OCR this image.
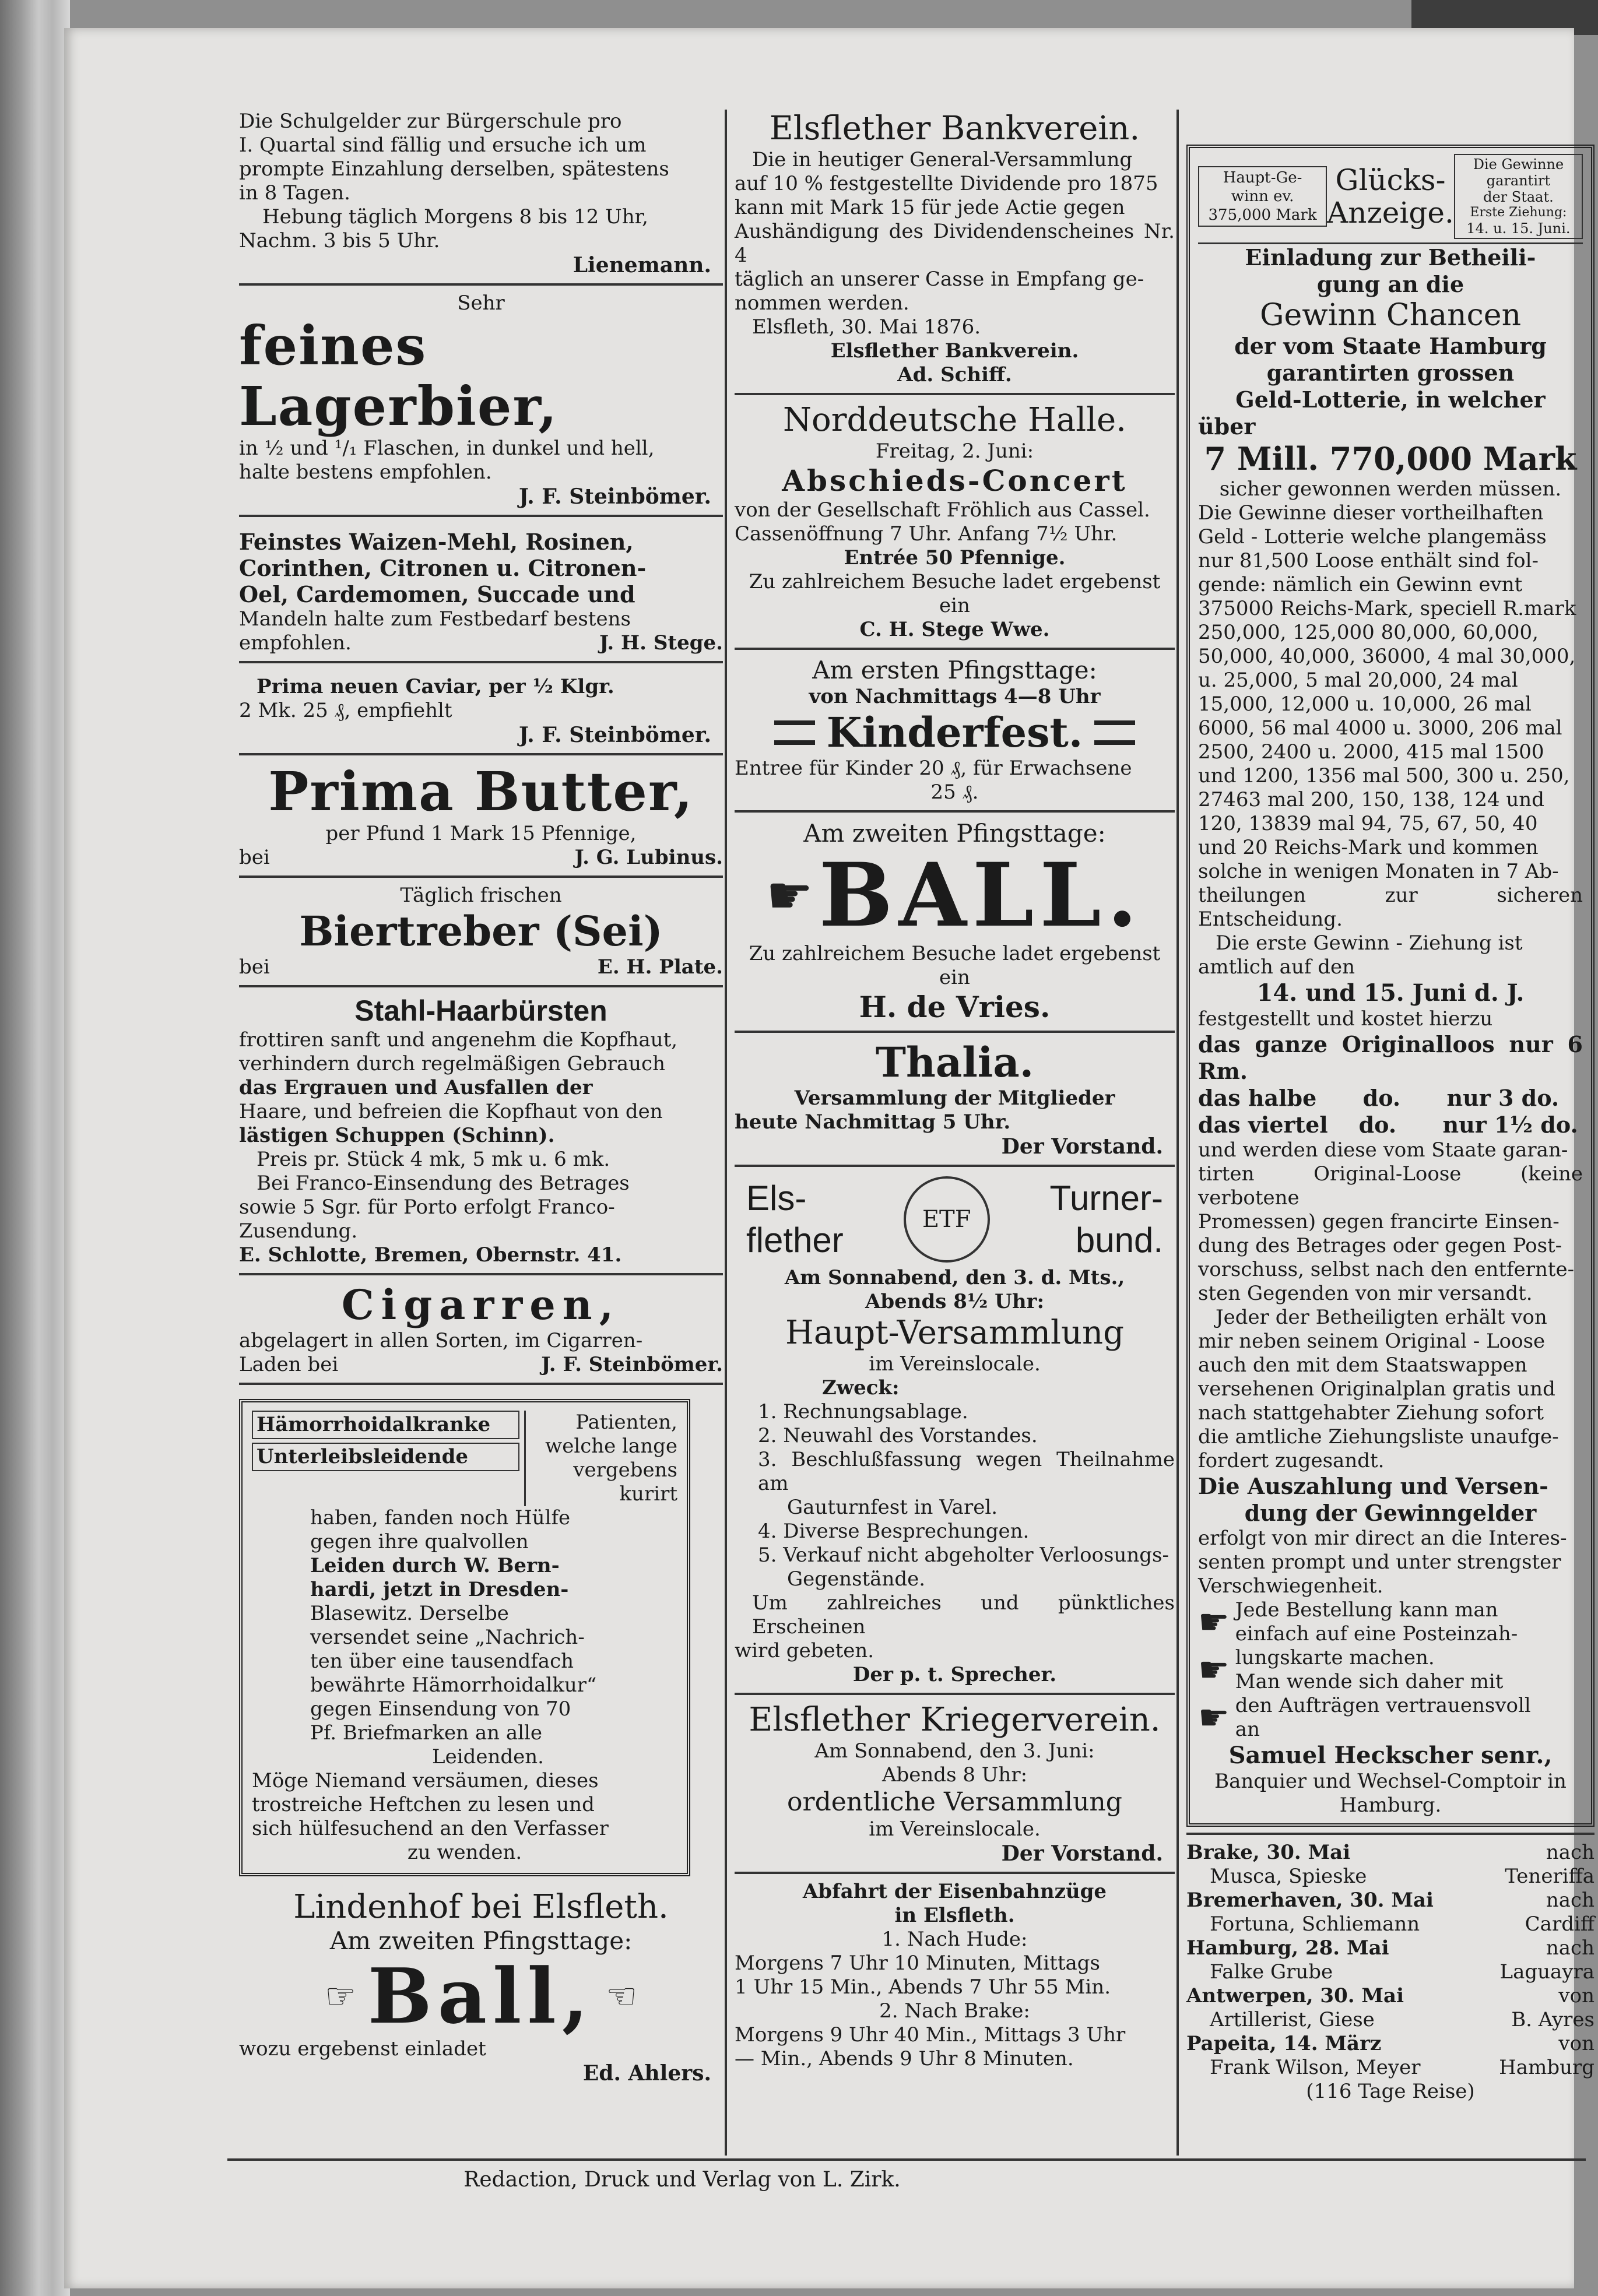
Die Schulgelder zur Bürgerschule pro

I. Quartal sind fällig und ersuche ich um

prompte Einzahlung derselben, spätestens

in 8 Tagen.

Hebung täglich Morgens 8 bis 12 Uhr,

Nachm. 3 bis 5 Uhr.

Lienemann.

Sehr

feines Lagerbier,

in ½ und ¹/₁ Flaschen, in dunkel und hell,

halte bestens empfohlen.

J. F. Steinbömer.

Feinstes Waizen-Mehl, Rosinen,

Corinthen, Citronen u. Citronen-

Oel, Cardemomen, Succade und

Mandeln halte zum Festbedarf bestens

empfohlen.	J. H. Stege.

Prima neuen Caviar, per ½ Klgr.

2 Mk. 25 ₰, empfiehlt

J. F. Steinbömer.

Prima Butter,

per Pfund 1 Mark 15 Pfennige,

bei	J. G. Lubinus.

Täglich frischen

Biertreber (Sei)

bei	E. H. Plate.

Stahl-Haarbürsten

frottiren sanft und angenehm die Kopfhaut,

verhindern durch regelmäßigen Gebrauch

das Ergrauen und Ausfallen der

Haare, und befreien die Kopfhaut von den

lästigen Schuppen (Schinn).

Preis pr. Stück 4 mk, 5 mk u. 6 mk.

Bei Franco-Einsendung des Betrages

sowie 5 Sgr. für Porto erfolgt Franco-

Zusendung.

E. Schlotte, Bremen, Obernstr. 41.

Cigarren,

abgelagert in allen Sorten, im Cigarren-

Laden bei	J. F. Steinbömer.

Hämorrhoidalkranke

Unterleibsleidende

Patienten,

welche lange

vergebens kurirt

haben, fanden noch Hülfe

gegen ihre qualvollen

Leiden durch W. Bern-

hardi, jetzt in Dresden-

Blasewitz. Derselbe

versendet seine „Nachrich-

ten über eine tausendfach

bewährte Hämorrhoidalkur“

gegen Einsendung von 70

Pf. Briefmarken an alle

Leidenden.

Möge Niemand versäumen, dieses

trostreiche Heftchen zu lesen und

sich hülfesuchend an den Verfasser

zu wenden.

Lindenhof bei Elsfleth.

Am zweiten Pfingsttage:

☞ Ball, ☜

wozu ergebenst einladet

Ed. Ahlers.

Elsflether Bankverein.

Die in heutiger General-Versammlung

auf 10 % festgestellte Dividende pro 1875

kann mit Mark 15 für jede Actie gegen

Aushändigung des Dividendenscheines Nr. 4

täglich an unserer Casse in Empfang ge-

nommen werden.

Elsfleth, 30. Mai 1876.

Elsflether Bankverein.

Ad. Schiff.

Norddeutsche Halle.

Freitag, 2. Juni:

Abschieds-Concert

von der Gesellschaft Fröhlich aus Cassel.

Cassenöffnung 7 Uhr. Anfang 7½ Uhr.

Entrée 50 Pfennige.

Zu zahlreichem Besuche ladet ergebenst ein

C. H. Stege Wwe.

Am ersten Pfingsttage:

von Nachmittags 4—8 Uhr

Kinderfest.

Entree für Kinder 20 ₰, für Erwachsene

25 ₰.

Am zweiten Pfingsttage:

☛ BALL.

Zu zahlreichem Besuche ladet ergebenst ein

H. de Vries.

Thalia.

Versammlung der Mitglieder

heute Nachmittag 5 Uhr.

Der Vorstand.

Els-

flether

ETF

Turner-

bund.

Am Sonnabend, den 3. d. Mts.,

Abends 8½ Uhr:

Haupt-Versammlung

im Vereinslocale.

Zweck:

1. Rechnungsablage.

2. Neuwahl des Vorstandes.

3. Beschlußfassung wegen Theilnahme am

Gauturnfest in Varel.

4. Diverse Besprechungen.

5. Verkauf nicht abgeholter Verloosungs-

Gegenstände.

Um zahlreiches und pünktliches Erscheinen

wird gebeten.

Der p. t. Sprecher.

Elsflether Kriegerverein.

Am Sonnabend, den 3. Juni:

Abends 8 Uhr:

ordentliche Versammlung

im Vereinslocale.

Der Vorstand.

Abfahrt der Eisenbahnzüge

in Elsfleth.

1. Nach Hude:

Morgens 7 Uhr 10 Minuten, Mittags

1 Uhr 15 Min., Abends 7 Uhr 55 Min.

2. Nach Brake:

Morgens 9 Uhr 40 Min., Mittags 3 Uhr

— Min., Abends 9 Uhr 8 Minuten.

Haupt-Ge-

winn ev.

375,000 Mark

Glücks-

Anzeige.

Die Gewinne

garantirt

der Staat.

Erste Ziehung:

14. u. 15. Juni.

Einladung zur Betheili-

gung an die

Gewinn Chancen

der vom Staate Hamburg

garantirten grossen

Geld-Lotterie, in welcher

über

7 Mill. 770,000 Mark

sicher gewonnen werden müssen.

Die Gewinne dieser vortheilhaften

Geld - Lotterie welche plangemäss

nur 81,500 Loose enthält sind fol-

gende: nämlich ein Gewinn evnt

375000 Reichs-Mark, speciell R.mark

250,000, 125,000 80,000, 60,000,

50,000, 40,000, 36000, 4 mal 30,000,

u. 25,000, 5 mal 20,000, 24 mal

15,000, 12,000 u. 10,000, 26 mal

6000, 56 mal 4000 u. 3000, 206 mal

2500, 2400 u. 2000, 415 mal 1500

und 1200, 1356 mal 500, 300 u. 250,

27463 mal 200, 150, 138, 124 und

120, 13839 mal 94, 75, 67, 50, 40

und 20 Reichs-Mark und kommen

solche in wenigen Monaten in 7 Ab-

theilungen zur sicheren Entscheidung.

Die erste Gewinn - Ziehung ist

amtlich auf den

14. und 15. Juni d. J.

festgestellt und kostet hierzu

das ganze Originalloos nur 6 Rm.

das halbe      do.      nur 3 do.

das viertel    do.      nur 1½ do.

und werden diese vom Staate garan-

tirten Original-Loose (keine verbotene

Promessen) gegen francirte Einsen-

dung des Betrages oder gegen Post-

vorschuss, selbst nach den entfernte-

sten Gegenden von mir versandt.

Jeder der Betheiligten erhält von

mir neben seinem Original - Loose

auch den mit dem Staatswappen

versehenen Originalplan gratis und

nach stattgehabter Ziehung sofort

die amtliche Ziehungsliste unaufge-

fordert zugesandt.

Die Auszahlung und Versen-

dung der Gewinngelder

erfolgt von mir direct an die Interes-

senten prompt und unter strengster

Verschwiegenheit.

☛
☛
☛

Jede Bestellung kann man

einfach auf eine Posteinzah-

lungskarte machen.

Man wende sich daher mit

den Aufträgen vertrauensvoll

an

Samuel Heckscher senr.,

Banquier und Wechsel-Comptoir in

Hamburg.

Brake, 30. Mai	nach
Musca, Spieske	Teneriffa
Bremerhaven, 30. Mai	nach
Fortuna, Schliemann	Cardiff
Hamburg, 28. Mai	nach
Falke Grube	Laguayra
Antwerpen, 30. Mai	von
Artillerist, Giese	B. Ayres
Papeita, 14. März	von
Frank Wilson, Meyer	Hamburg

(116 Tage Reise)

Redaction, Druck und Verlag von L. Zirk.
